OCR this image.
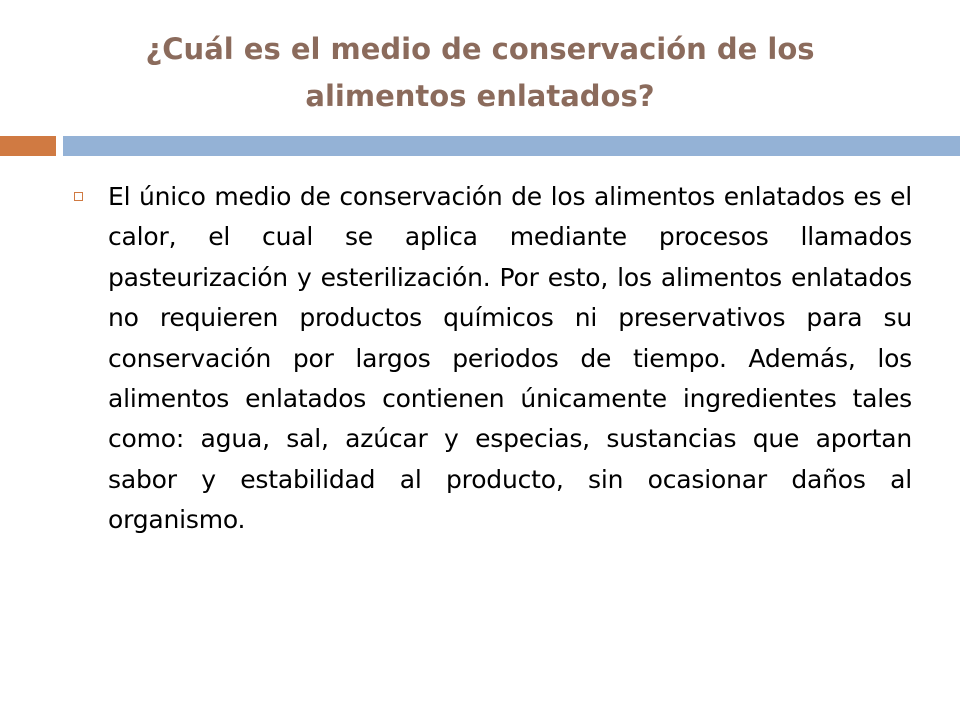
¿Cuál es el medio de conservación de los alimentos enlatados?
El único medio de conservación de los alimentos enlatados es el calor, el cual se aplica mediante procesos llamados pasteurización y esterilización. Por esto, los alimentos enlatados no requieren productos químicos ni preservativos para su conservación por largos periodos de tiempo. Además, los alimentos enlatados contienen únicamente ingredientes tales como: agua, sal, azúcar y especias, sustancias que aportan sabor y estabilidad al producto, sin ocasionar daños al organismo.
